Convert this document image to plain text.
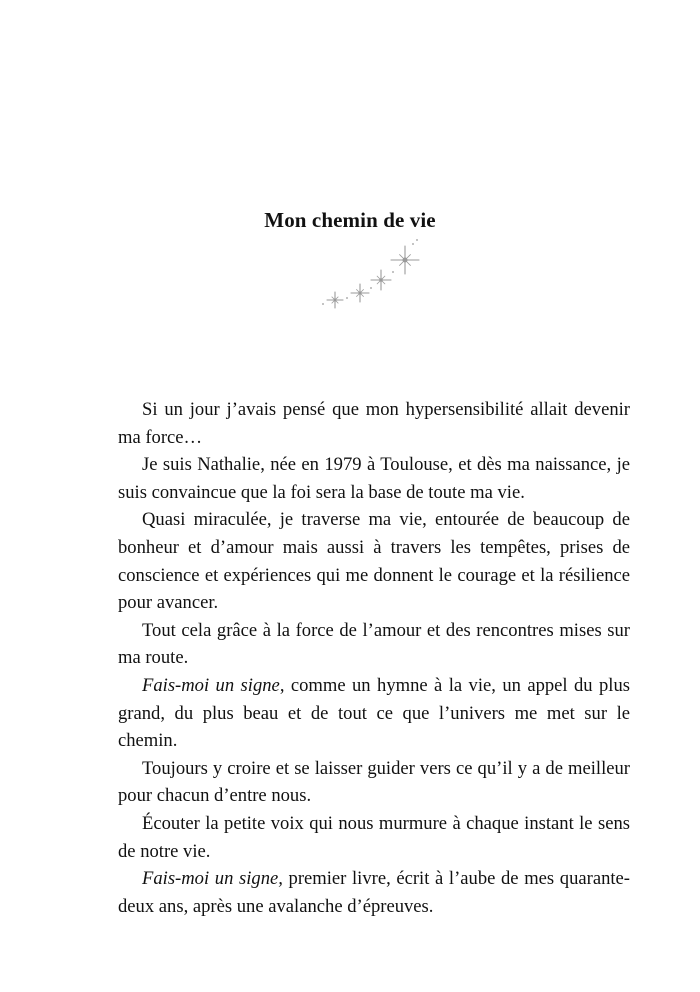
Mon chemin de vie

Si un jour j’avais pensé que mon hypersensibilité allait devenir ma force…

Je suis Nathalie, née en 1979 à Toulouse, et dès ma naissance, je suis convaincue que la foi sera la base de toute ma vie.

Quasi miraculée, je traverse ma vie, entourée de beaucoup de bonheur et d’amour mais aussi à travers les tempêtes, prises de conscience et expériences qui me donnent le courage et la résilience pour avancer.

Tout cela grâce à la force de l’amour et des rencontres mises sur ma route.

Fais-moi un signe, comme un hymne à la vie, un appel du plus grand, du plus beau et de tout ce que l’univers me met sur le chemin.

Toujours y croire et se laisser guider vers ce qu’il y a de meilleur pour chacun d’entre nous.

Écouter la petite voix qui nous murmure à chaque instant le sens de notre vie.

Fais-moi un signe, premier livre, écrit à l’aube de mes quarante-deux ans, après une avalanche d’épreuves.
